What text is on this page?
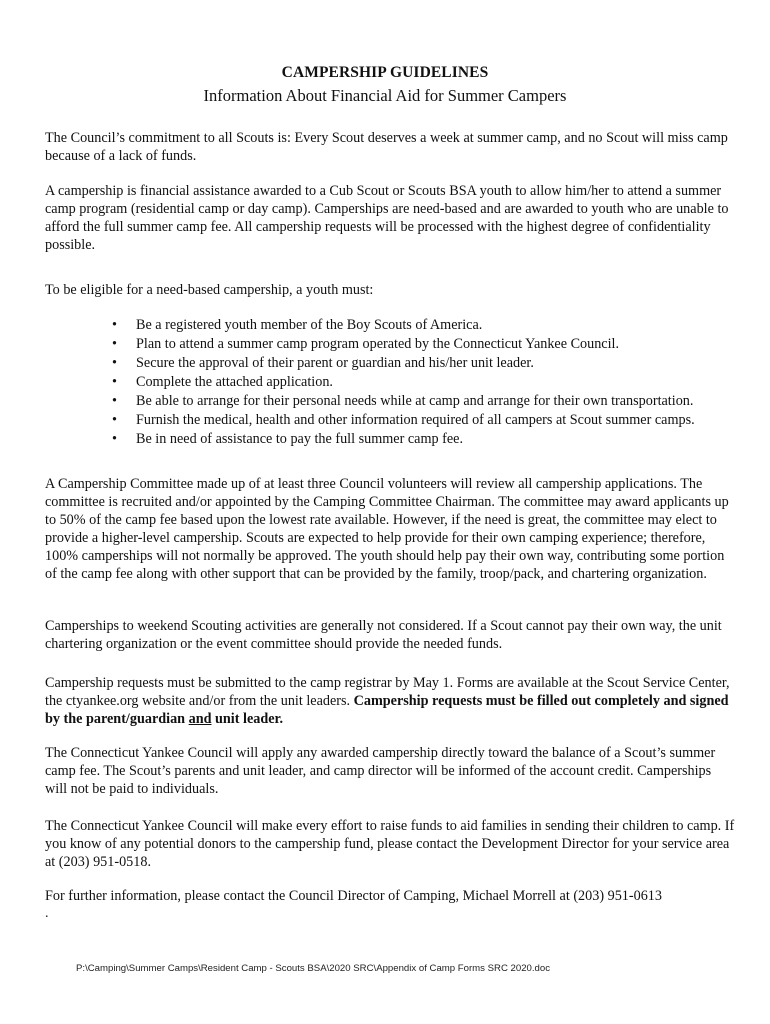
CAMPERSHIP GUIDELINES
Information About Financial Aid for Summer Campers

The Council’s commitment to all Scouts is: Every Scout deserves a week at summer camp, and no Scout will miss camp because of a lack of funds.

A campership is financial assistance awarded to a Cub Scout or Scouts BSA youth to allow him/her to attend a summer camp program (residential camp or day camp). Camperships are need-based and are awarded to youth who are unable to afford the full summer camp fee. All campership requests will be processed with the highest degree of confidentiality possible.

To be eligible for a need-based campership, a youth must:

• Be a registered youth member of the Boy Scouts of America.
• Plan to attend a summer camp program operated by the Connecticut Yankee Council.
• Secure the approval of their parent or guardian and his/her unit leader.
• Complete the attached application.
• Be able to arrange for their personal needs while at camp and arrange for their own transportation.
• Furnish the medical, health and other information required of all campers at Scout summer camps.
• Be in need of assistance to pay the full summer camp fee.

A Campership Committee made up of at least three Council volunteers will review all campership applications. The committee is recruited and/or appointed by the Camping Committee Chairman. The committee may award applicants up to 50% of the camp fee based upon the lowest rate available. However, if the need is great, the committee may elect to provide a higher-level campership. Scouts are expected to help provide for their own camping experience; therefore, 100% camperships will not normally be approved. The youth should help pay their own way, contributing some portion of the camp fee along with other support that can be provided by the family, troop/pack, and chartering organization.

Camperships to weekend Scouting activities are generally not considered. If a Scout cannot pay their own way, the unit chartering organization or the event committee should provide the needed funds.

Campership requests must be submitted to the camp registrar by May 1. Forms are available at the Scout Service Center, the ctyankee.org website and/or from the unit leaders. Campership requests must be filled out completely and signed by the parent/guardian and unit leader.

The Connecticut Yankee Council will apply any awarded campership directly toward the balance of a Scout’s summer camp fee. The Scout’s parents and unit leader, and camp director will be informed of the account credit. Camperships will not be paid to individuals.

The Connecticut Yankee Council will make every effort to raise funds to aid families in sending their children to camp. If you know of any potential donors to the campership fund, please contact the Development Director for your service area at (203) 951-0518.

For further information, please contact the Council Director of Camping, Michael Morrell at (203) 951-0613

.
P:\Camping\Summer Camps\Resident Camp - Scouts BSA\2020 SRC\Appendix of Camp Forms SRC 2020.doc
